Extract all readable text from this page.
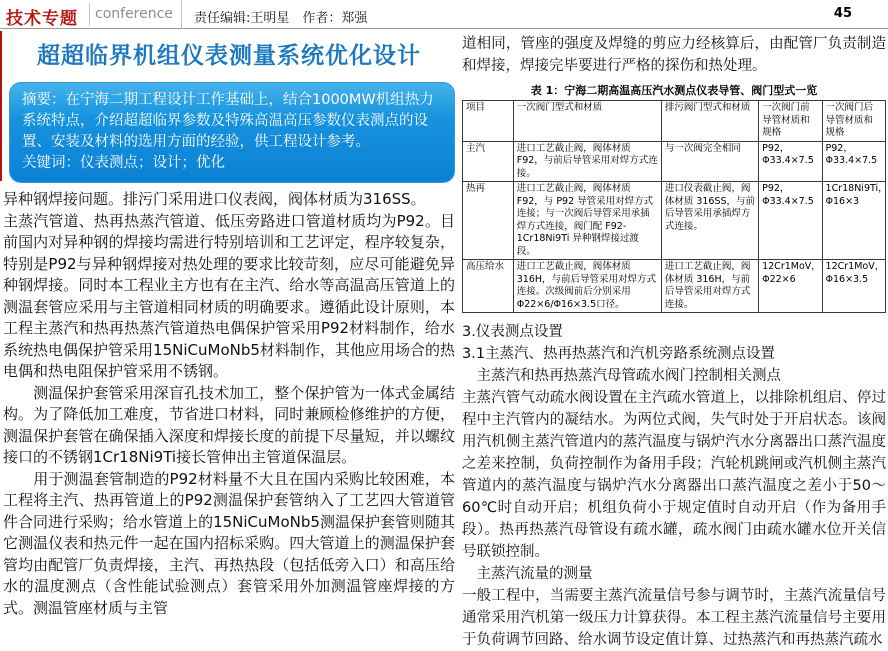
技术专题 conference 责任编辑:王明星　作者：郑强	45
超超临界机组仪表测量系统优化设计
摘要：在宁海二期工程设计工作基础上，结合1000MW机组热力系统特点，介绍超超临界参数及特殊高温高压参数仪表测点的设置、安装及材料的选用方面的经验，供工程设计参考。
关键词：仪表测点；设计；优化

异种钢焊接问题。排污门采用进口仪表阀，阀体材质为316SS。

主蒸汽管道、热再热蒸汽管道、低压旁路进口管道材质均为P92。目前国内对异种钢的焊接均需进行特别培训和工艺评定，程序较复杂，特别是P92与异种钢焊接对热处理的要求比较苛刻，应尽可能避免异种钢焊接。同时本工程业主方也有在主汽、给水等高温高压管道上的测温套管应采用与主管道相同材质的明确要求。遵循此设计原则，本工程主蒸汽和热再热蒸汽管道热电偶保护管采用P92材料制作，给水系统热电偶保护管采用15NiCuMoNb5材料制作，其他应用场合的热电偶和热电阻保护管采用不锈钢。

　　测温保护套管采用深盲孔技术加工，整个保护管为一体式金属结构。为了降低加工难度，节省进口材料，同时兼顾检修维护的方便，测温保护套管在确保插入深度和焊接长度的前提下尽量短，并以螺纹接口的不锈钢1Cr18Ni9Ti接长管伸出主管道保温层。

　　用于测温套管制造的P92材料量不大且在国内采购比较困难，本工程将主汽、热再管道上的P92测温保护套管纳入了工艺四大管道管件合同进行采购；给水管道上的15NiCuMoNb5测温保护套管则随其它测温仪表和热元件一起在国内招标采购。四大管道上的测温保护套管均由配管厂负责焊接，主汽、再热热段（包括低旁入口）和高压给水的温度测点（含性能试验测点）套管采用外加测温管座焊接的方式。测温管座材质与主管

道相同，管座的强度及焊缝的剪应力经核算后，由配管厂负责制造和焊接，焊接完毕要进行严格的探伤和热处理。

表 1：宁海二期高温高压汽水测点仪表导管、阀门型式一览
项目	一次阀门型式和材质	排污阀门型式和材质	一次阀门前导管材质和规格	一次阀门后导管材质和规格
主汽	进口工艺截止阀，阀体材质 F92，与前后导管采用对焊方式连接。	与一次阀完全相同	P92，Φ33.4×7.5	P92，Φ33.4×7.5
热再	进口工艺截止阀，阀体材质 F92，与 P92 导管采用对焊方式连接；与一次阀后导管采用承插焊方式连接，阀门配 F92-1Cr18Ni9Ti 异种钢焊接过渡段。	进口仪表截止阀，阀体材质 316SS，与前后导管采用承插焊方式连接。	P92，Φ33.4×7.5	1Cr18Ni9Ti，Φ16×3
高压给水	进口工艺截止阀，阀体材质 316H，与前后导管采用对焊方式连接。次级阀前后分别采用Φ22×6/Φ16×3.5口径。	进口工艺截止阀，阀体材质 316H，与前后导管采用对焊方式连接。	12Cr1MoV，Φ22×6	12Cr1MoV，Φ16×3.5
3.仪表测点设置
3.1主蒸汽、热再热蒸汽和汽机旁路系统测点设置
　主蒸汽和热再热蒸汽母管疏水阀门控制相关测点

主蒸汽管气动疏水阀设置在主汽疏水管道上，以排除机组启、停过程中主汽管内的凝结水。为两位式阀，失气时处于开启状态。该阀用汽机侧主蒸汽管道内的蒸汽温度与锅炉汽水分离器出口蒸汽温度之差来控制，负荷控制作为备用手段；汽轮机跳闸或汽机侧主蒸汽管道内的蒸汽温度与锅炉汽水分离器出口蒸汽温度之差小于50～60℃时自动开启；机组负荷小于规定值时自动开启（作为备用手段）。热再热蒸汽母管设有疏水罐，疏水阀门由疏水罐水位开关信号联锁控制。

　主蒸汽流量的测量

一般工程中，当需要主蒸汽流量信号参与调节时，主蒸汽流量信号通常采用汽机第一级压力计算获得。本工程主蒸汽流量信号主要用于负荷调节回路、给水调节设定值计算、过热蒸汽和再热蒸汽疏水
